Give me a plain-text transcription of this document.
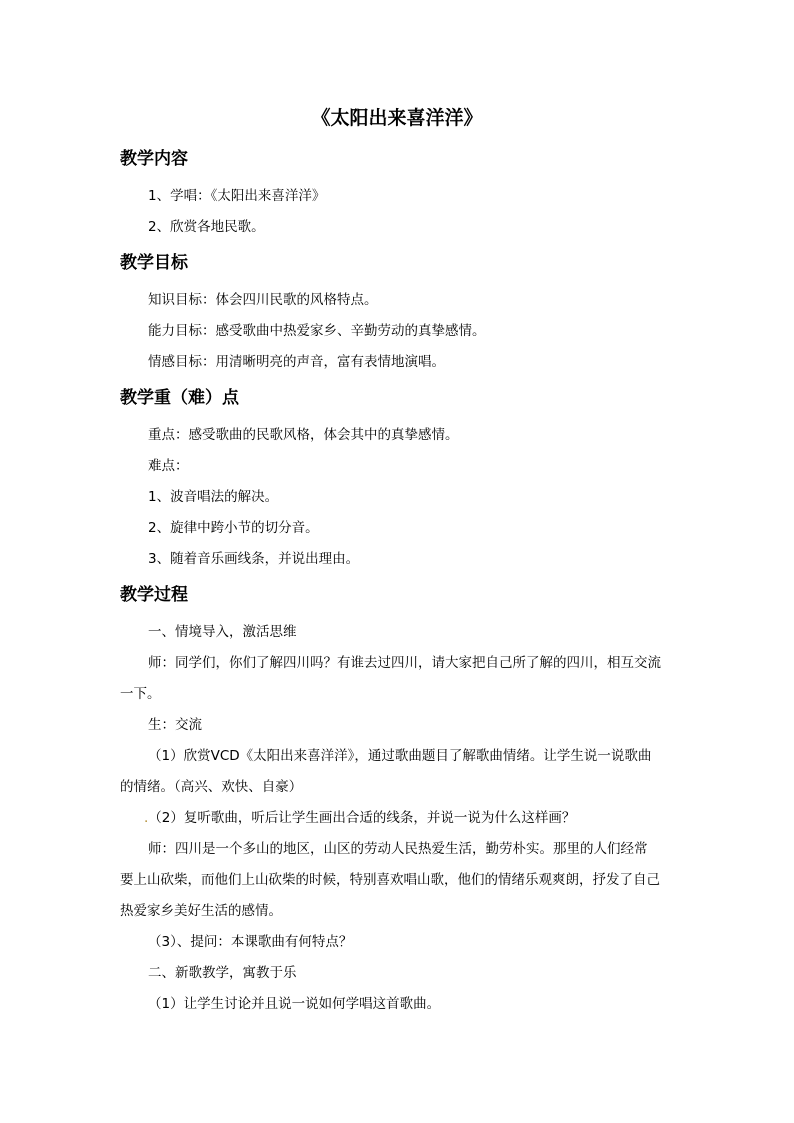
《太阳出来喜洋洋》
教学内容
1、学唱：《太阳出来喜洋洋》
2、欣赏各地民歌。
教学目标
知识目标：体会四川民歌的风格特点。
能力目标：感受歌曲中热爱家乡、辛勤劳动的真挚感情。
情感目标：用清晰明亮的声音，富有表情地演唱。
教学重（难）点
重点：感受歌曲的民歌风格，体会其中的真挚感情。
难点：
1、波音唱法的解决。
2、旋律中跨小节的切分音。
3、随着音乐画线条，并说出理由。
教学过程
一、情境导入，激活思维
师：同学们，你们了解四川吗？有谁去过四川，请大家把自己所了解的四川，相互交流
一下。
生：交流
（1）欣赏VCD《太阳出来喜洋洋》，通过歌曲题目了解歌曲情绪。让学生说一说歌曲
的情绪。（高兴、欢快、自豪）
.（2）复听歌曲，听后让学生画出合适的线条，并说一说为什么这样画？
师：四川是一个多山的地区，山区的劳动人民热爱生活，勤劳朴实。那里的人们经常
要上山砍柴，而他们上山砍柴的时候，特别喜欢唱山歌，他们的情绪乐观爽朗，抒发了自己
热爱家乡美好生活的感情。
（3）、提问：本课歌曲有何特点？
二、新歌教学，寓教于乐
（1）让学生讨论并且说一说如何学唱这首歌曲。
